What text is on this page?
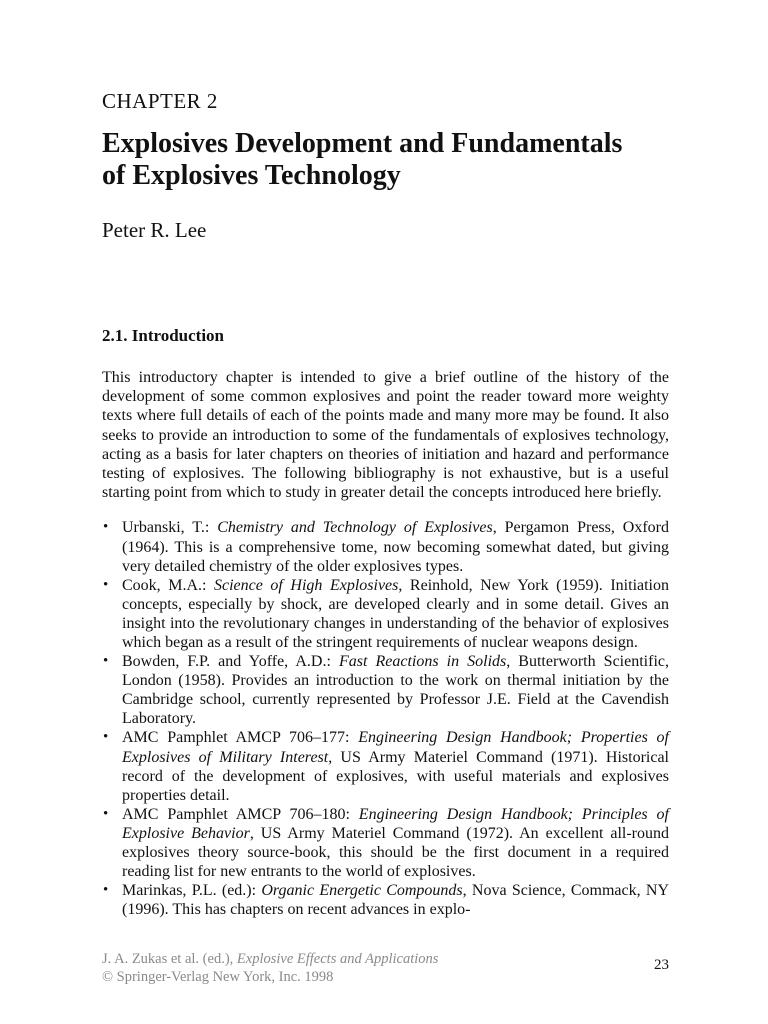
CHAPTER 2

Explosives Development and Fundamentals
of Explosives Technology

Peter R. Lee

2.1. Introduction

This introductory chapter is intended to give a brief outline of the history of the development of some common explosives and point the reader toward more weighty texts where full details of each of the points made and many more may be found. It also seeks to provide an introduction to some of the fundamentals of explosives technology, acting as a basis for later chapters on theories of initiation and hazard and performance testing of explosives. The following bibliography is not exhaustive, but is a useful starting point from which to study in greater detail the concepts introduced here briefly.

• Urbanski, T.: Chemistry and Technology of Explosives, Pergamon Press, Oxford (1964). This is a comprehensive tome, now becoming somewhat dated, but giving very detailed chemistry of the older explosives types.
• Cook, M.A.: Science of High Explosives, Reinhold, New York (1959). Initiation concepts, especially by shock, are developed clearly and in some detail. Gives an insight into the revolutionary changes in understanding of the behavior of explosives which began as a result of the stringent requirements of nuclear weapons design.
• Bowden, F.P. and Yoffe, A.D.: Fast Reactions in Solids, Butterworth Scientific, London (1958). Provides an introduction to the work on thermal initiation by the Cambridge school, currently represented by Professor J.E. Field at the Cavendish Laboratory.
• AMC Pamphlet AMCP 706–177: Engineering Design Handbook; Properties of Explosives of Military Interest, US Army Materiel Command (1971). Historical record of the development of explosives, with useful materials and explosives properties detail.
• AMC Pamphlet AMCP 706–180: Engineering Design Handbook; Principles of Explosive Behavior, US Army Materiel Command (1972). An excellent all-round explosives theory source-book, this should be the first document in a required reading list for new entrants to the world of explosives.
• Marinkas, P.L. (ed.): Organic Energetic Compounds, Nova Science, Commack, NY (1996). This has chapters on recent advances in explo-
J. A. Zukas et al. (ed.), Explosive Effects and Applications
© Springer-Verlag New York, Inc. 1998
23
